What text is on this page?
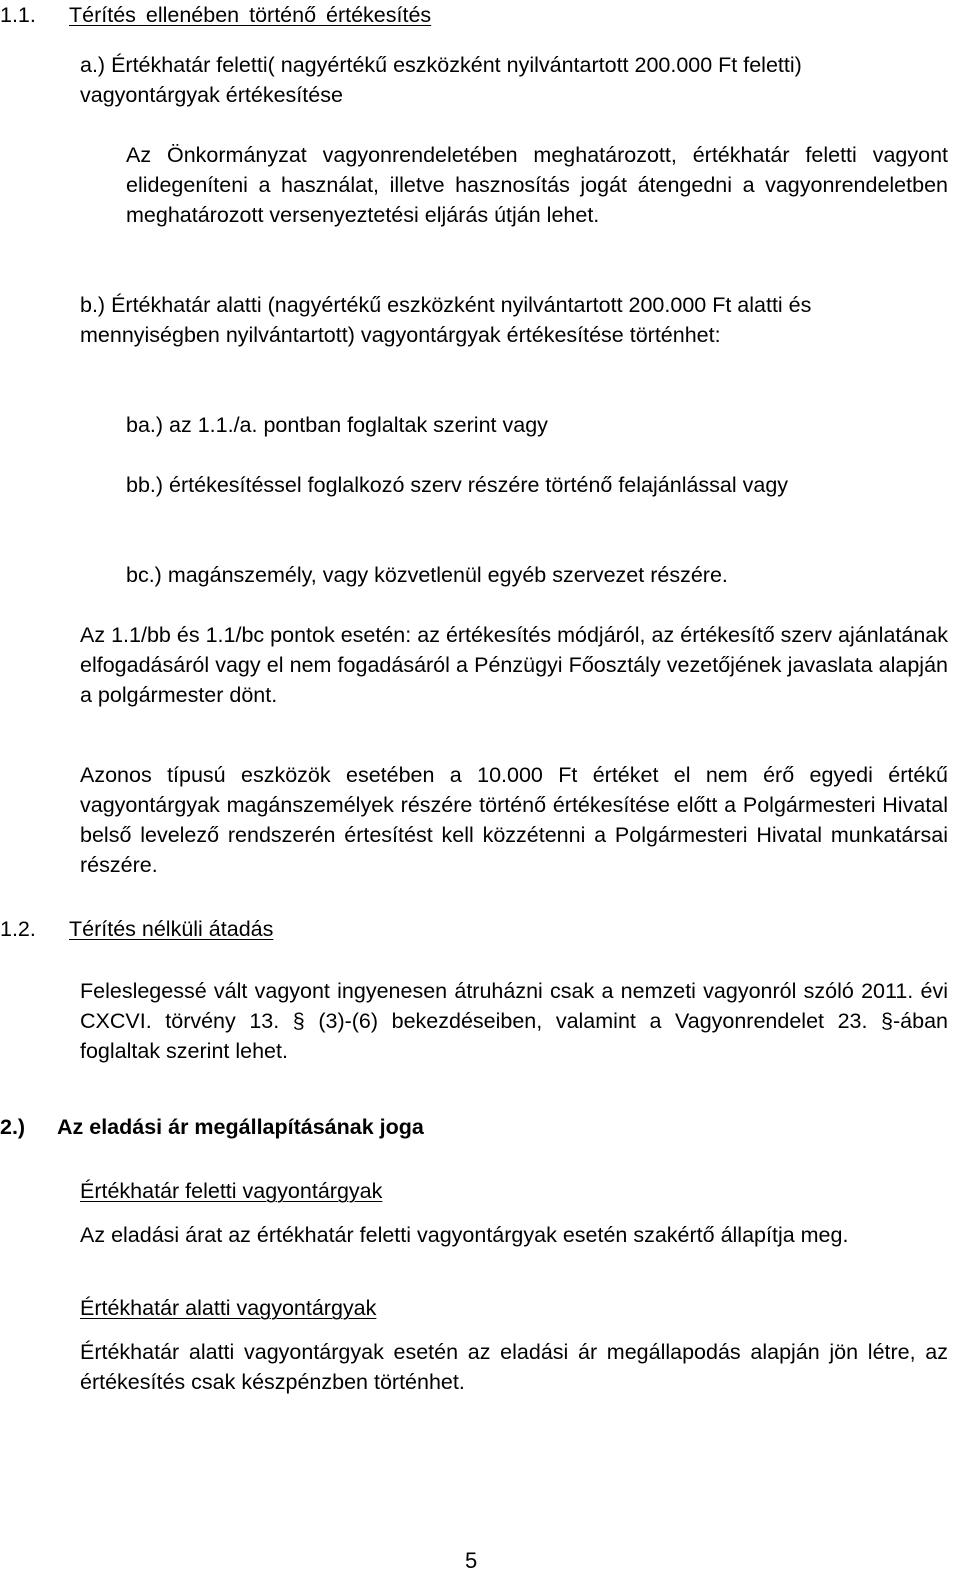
1.1. Térítés ellenében történő értékesítés

a.) Értékhatár feletti( nagyértékű eszközként nyilvántartott 200.000 Ft feletti) vagyontárgyak értékesítése

Az Önkormányzat vagyonrendeletében meghatározott, értékhatár feletti vagyont elidegeníteni a használat, illetve hasznosítás jogát átengedni a vagyonrendeletben meghatározott versenyeztetési eljárás útján lehet.

b.) Értékhatár alatti (nagyértékű eszközként nyilvántartott 200.000 Ft alatti és mennyiségben nyilvántartott) vagyontárgyak értékesítése történhet:

ba.) az 1.1./a. pontban foglaltak szerint vagy

bb.) értékesítéssel foglalkozó szerv részére történő felajánlással vagy

bc.) magánszemély, vagy közvetlenül egyéb szervezet részére.

Az 1.1/bb és 1.1/bc pontok esetén: az értékesítés módjáról, az értékesítő szerv ajánlatának elfogadásáról vagy el nem fogadásáról a Pénzügyi Főosztály vezetőjének javaslata alapján a polgármester dönt.

Azonos típusú eszközök esetében a 10.000 Ft értéket el nem érő egyedi értékű vagyontárgyak magánszemélyek részére történő értékesítése előtt a Polgármesteri Hivatal belső levelező rendszerén értesítést kell közzétenni a Polgármesteri Hivatal munkatársai részére.

1.2. Térítés nélküli átadás

Feleslegessé vált vagyont ingyenesen átruházni csak a nemzeti vagyonról szóló 2011. évi CXCVI. törvény 13. § (3)-(6) bekezdéseiben, valamint a Vagyonrendelet 23. §-ában foglaltak szerint lehet.

2.) Az eladási ár megállapításának joga

Értékhatár feletti vagyontárgyak

Az eladási árat az értékhatár feletti vagyontárgyak esetén szakértő állapítja meg.

Értékhatár alatti vagyontárgyak

Értékhatár alatti vagyontárgyak esetén az eladási ár megállapodás alapján jön létre, az értékesítés csak készpénzben történhet.

5
